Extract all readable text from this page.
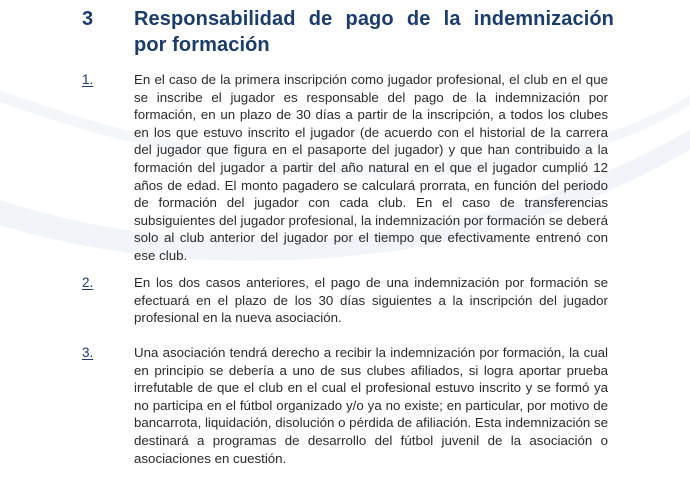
3 Responsabilidad de pago de la indemnización por formación
1.	En el caso de la primera inscripción como jugador profesional, el club en el que se inscribe el jugador es responsable del pago de la indemnización por formación, en un plazo de 30 días a partir de la inscripción, a todos los clubes en los que estuvo inscrito el jugador (de acuerdo con el historial de la carrera del jugador que figura en el pasaporte del jugador) y que han contribuido a la formación del jugador a partir del año natural en el que el jugador cumplió 12 años de edad. El monto pagadero se calculará prorrata, en función del periodo de formación del jugador con cada club. En el caso de transferencias subsiguientes del jugador profesional, la indemnización por formación se deberá solo al club anterior del jugador por el tiempo que efectivamente entrenó con ese club.
2.	En los dos casos anteriores, el pago de una indemnización por formación se efectuará en el plazo de los 30 días siguientes a la inscripción del jugador profesional en la nueva asociación.
3.	Una asociación tendrá derecho a recibir la indemnización por formación, la cual en principio se debería a uno de sus clubes afiliados, si logra aportar prueba irrefutable de que el club en el cual el profesional estuvo inscrito y se formó ya no participa en el fútbol organizado y/o ya no existe; en particular, por motivo de bancarrota, liquidación, disolución o pérdida de afiliación. Esta indemnización se destinará a programas de desarrollo del fútbol juvenil de la asociación o asociaciones en cuestión.
